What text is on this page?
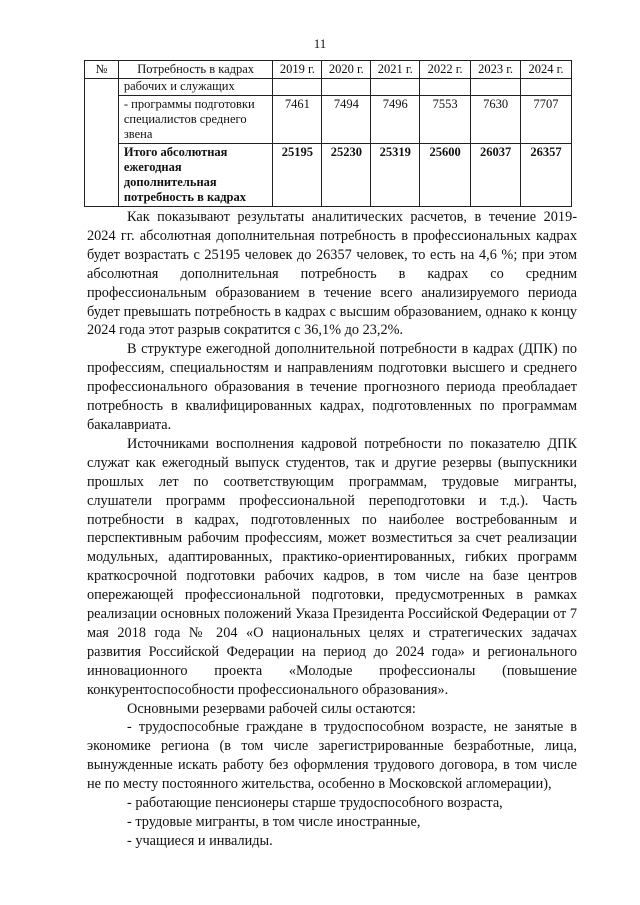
11
№	Потребность в кадрах	2019 г.	2020 г.	2021 г.	2022 г.	2023 г.	2024 г.
	рабочих и служащих						
	- программы подготовки специалистов среднего звена	7461	7494	7496	7553	7630	7707
	Итого абсолютная ежегодная дополнительная потребность в кадрах	25195	25230	25319	25600	26037	26357

Как показывают результаты аналитических расчетов, в течение 2019-2024 гг. абсолютная дополнительная потребность в профессиональных кадрах будет возрастать с 25195 человек до 26357 человек, то есть на 4,6 %; при этом абсолютная дополнительная потребность в кадрах со средним профессиональным образованием в течение всего анализируемого периода будет превышать потребность в кадрах с высшим образованием, однако к концу 2024 года этот разрыв сократится с 36,1% до 23,2%.

В структуре ежегодной дополнительной потребности в кадрах (ДПК) по профессиям, специальностям и направлениям подготовки высшего и среднего профессионального образования в течение прогнозного периода преобладает потребность в квалифицированных кадрах, подготовленных по программам бакалавриата.

Источниками восполнения кадровой потребности по показателю ДПК служат как ежегодный выпуск студентов, так и другие резервы (выпускники прошлых лет по соответствующим программам, трудовые мигранты, слушатели программ профессиональной переподготовки и т.д.). Часть потребности в кадрах, подготовленных по наиболее востребованным и перспективным рабочим профессиям, может возместиться за счет реализации модульных, адаптированных, практико-ориентированных, гибких программ краткосрочной подготовки рабочих кадров, в том числе на базе центров опережающей профессиональной подготовки, предусмотренных в рамках реализации основных положений Указа Президента Российской Федерации от 7 мая 2018 года № 204 «О национальных целях и стратегических задачах развития Российской Федерации на период до 2024 года» и регионального инновационного проекта «Молодые профессионалы (повышение конкурентоспособности профессионального образования».

Основными резервами рабочей силы остаются:

- трудоспособные граждане в трудоспособном возрасте, не занятые в экономике региона (в том числе зарегистрированные безработные, лица, вынужденные искать работу без оформления трудового договора, в том числе не по месту постоянного жительства, особенно в Московской агломерации),

- работающие пенсионеры старше трудоспособного возраста,

- трудовые мигранты, в том числе иностранные,

- учащиеся и инвалиды.
